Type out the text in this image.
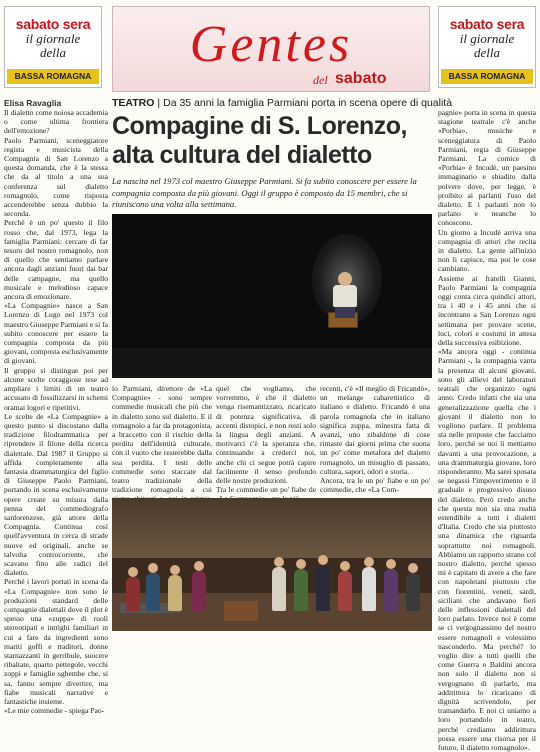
sabato sera
il giornale
della
BASSA ROMAGNA
Gentes
del sabato
sabato sera
il giornale
della
BASSA ROMAGNA
Elisa Ravaglia	TEATRO | Da 35 anni la famiglia Parmiani porta in scena opere di qualità
Compagine di S. Lorenzo, alta cultura del dialetto
La nascita nel 1973 col maestro Giuseppe Parmiani. Si fa subito conoscere per essere la compagnia composta da più giovani. Oggi il gruppo è composto da 15 membri, che si riuniscono una volta alla settimana.
Il dialetto come noiosa accademia o come ultima frontiera dell'emozione?
Paolo Parmiani, sceneggiatore regista e musicista della Compagnia di San Lorenzo a questa domanda, che è la stessa che da al titolo a una sua conferenza sul dialetto romagnolo, come risposta accenderebbe senza dubbio la seconda.
Perché è un po' questo il filo rosso che, dal 1973, lega la famiglia Parmiani: cercare di far tesoro del nostro romagnolo, non di quello che sentiamo parlare ancora dagli anziani fuori dai bar delle campagne, ma quello musicale e melodioso capace ancora di emozionare.
«La Compagnie» nasce a San Lorenzo di Lugo nel 1973 col maestro Giuseppe Parmiani e si fa subito conoscere per essere la compagnia composta da più giovani, composta esclusivamente di giovani.
Il gruppo si distingue poi per alcune scelte coraggiose tese ad ampliare i limiti di un teatro accusato di fossilizzarsi in schemi oramai logori e ripetitivi.
Le scelte de «La Compagnie» a questo punto si discostano dalla tradizione filodrammatica per riprendere il filone della ricerca dialettale. Dal 1987 il Gruppo si affida completamente alla fantasia drammaturgica del figlio di Giuseppe Paolo Parmiani, portando in scena esclusivamente opere create su misura dalla penna del commediografo sanlorenzese, già attore della Compagnia. Continua così quell'avventura in cerca di strade nuove ed originali, anche se talvolta controcorrente, che scavano fino alle radici del dialetto.
Perché i lavori portati in scena da «La Compagnie» non sono le produzioni standard delle compagnie dialettali dove il plot è spesso una «zuppa» di ruoli stereotipati e intrighi familiari in cui a fare da ingredienti sono mariti goffi e traditori, donne starnazzanti in gerribule, suocere ribaltate, quarto pettegole, vecchi zoppi e famiglie sghembe che, si sa, fanno sempre divertire, ma fiabe musicali narrative e fantastiche insieme.
«Le mie commedie - spiega Pao-
lo Parmiani, direttore de «La Compagnie» - sono sempre commedie musicali che più che in dialetto sono sul dialetto. E il romagnolo a far da protagonista, a braccetto con il rischio della perdita dell'identità culturale, con il vuoto che resterebbe dalla sua perdita. I testi delle commedie sono staccate dal teatro tradizionale della tradizione romagnola a cui
quel che vogliamo, che vorremmo, è che il dialetto venga risemantizzato, ricaricato di potenza significativa, di accenti distopici, e non resti solo la lingua degli anziani. A motivarci c'è la speranza che, continuando a crederci noi, anche chi ci segue potrà capire facilmente il senso profondo delle nostre produzioni.
Tra le commedie un po' fiabe de
recenti, c'è «Il meglio di Fricandò», un melange caharettistico di italiano e dialetto. Fricandò è una parola romagnola che in italiano significa zuppa, minestra fatta di avanzi, uno zibaldone di cose rimaste dai giorni prima che suona un po' come metafora del dialetto romagnolo, un misuglio di passato, cultura, sapori, odori e storia.
Ancora, tra le un po' fiabe e un po' commedie, che «La Com-
pagnie» porta in scena in questa stagione teatrale c'è anche «Porbia», musiche e sceneggiatura di Paolo Parmiani, regia di Giuseppe Parmiani. La comice di «Porbia» è Incudè, un paesino immaginario e sbiadito dalla polvere dove, per legge, è proibito ai parlanti l'uso del dialetto. E i parlanti non lo parlano e neanche lo conoscono.
Un giorno a Incudè arriva una compagnia di attori che recita in dialetto. La gente all'inizio non li capisce, ma poi le cose cambiano.
Assieme ai fratelli Gianni, Paolo Parmiani la compagnia oggi conta circa quindici attori, tra i 40 e i 45 anni che si incontrano a San Lorenzo ogni settimana per provare scene, luci, colori e costumi in attesa della successiva esibizione.
«Ma ancora oggi - continua Parmiani -, la compagnia vanta la presenza di alcuni giovani, sono gli allievi del laboratori teatrali che organizzo ogni anno. Credo infatti che sia una generalizzazione quella che i giovani il dialetto non lo vogliono parlare. Il problema sta nelle proposte che facciamo loro, perché se noi li mettiamo davanti a una provocazione, a una drammaturgia giovane, loro risponderanno. Ma sarei sposata se negassi l'impoverimento e il graduale e progressivo disuso del dialetto. Però credo anche che questa non sia una realtà estendibile a tutti i dialetti d'Italia. Credo che sia piuttosto una dinamica che riguarda soprattutto noi romagnoli. Abbiamo un rapporto strano col nostro dialetto, perché spesso mi è capitato di avere a che fare con napoletani piuttosto che con fiorentini, veneti, sardi, siciliani che andavano fieri delle inflessioni dialettali del loro parlato. Invece noi è come se ci vergognassimo del nostro essere romagnoli e volessimo nasconderlo. Ma perché? lo voglio dire a tutti quelli che come Guerra o Baldini ancora non solo il dialetto non si vergognano di parlarlo, ma addirittura lo ricaricano di dignità scrivendolo, per tramandarlo. E noi ci uniamo a loro portandolo in teatro, perché crediamo addirittura possa essere una risorsa per il futuro, il dialetto romagnolo».
